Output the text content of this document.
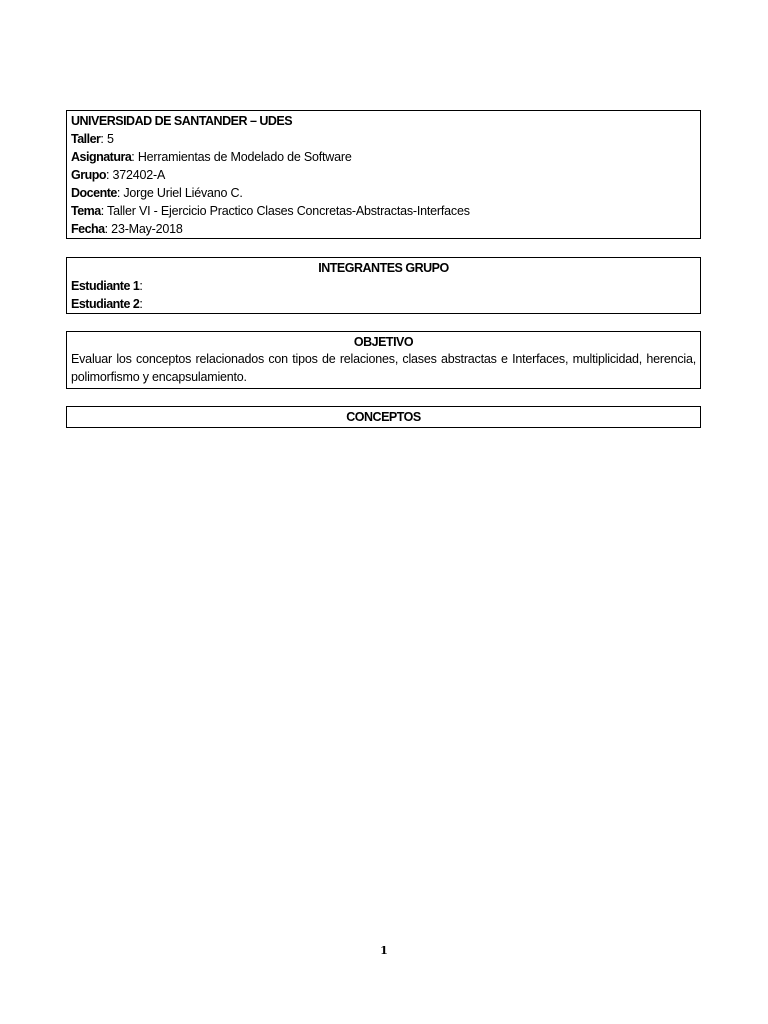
UNIVERSIDAD DE SANTANDER – UDES
Taller: 5
Asignatura: Herramientas de Modelado de Software
Grupo: 372402-A
Docente: Jorge Uriel Liévano C.
Tema: Taller VI - Ejercicio Practico Clases Concretas-Abstractas-Interfaces
Fecha: 23-May-2018
INTEGRANTES GRUPO
Estudiante 1:
Estudiante 2:
OBJETIVO
Evaluar los conceptos relacionados con tipos de relaciones, clases abstractas e Interfaces, multiplicidad, herencia, polimorfismo y encapsulamiento.
CONCEPTOS
1
